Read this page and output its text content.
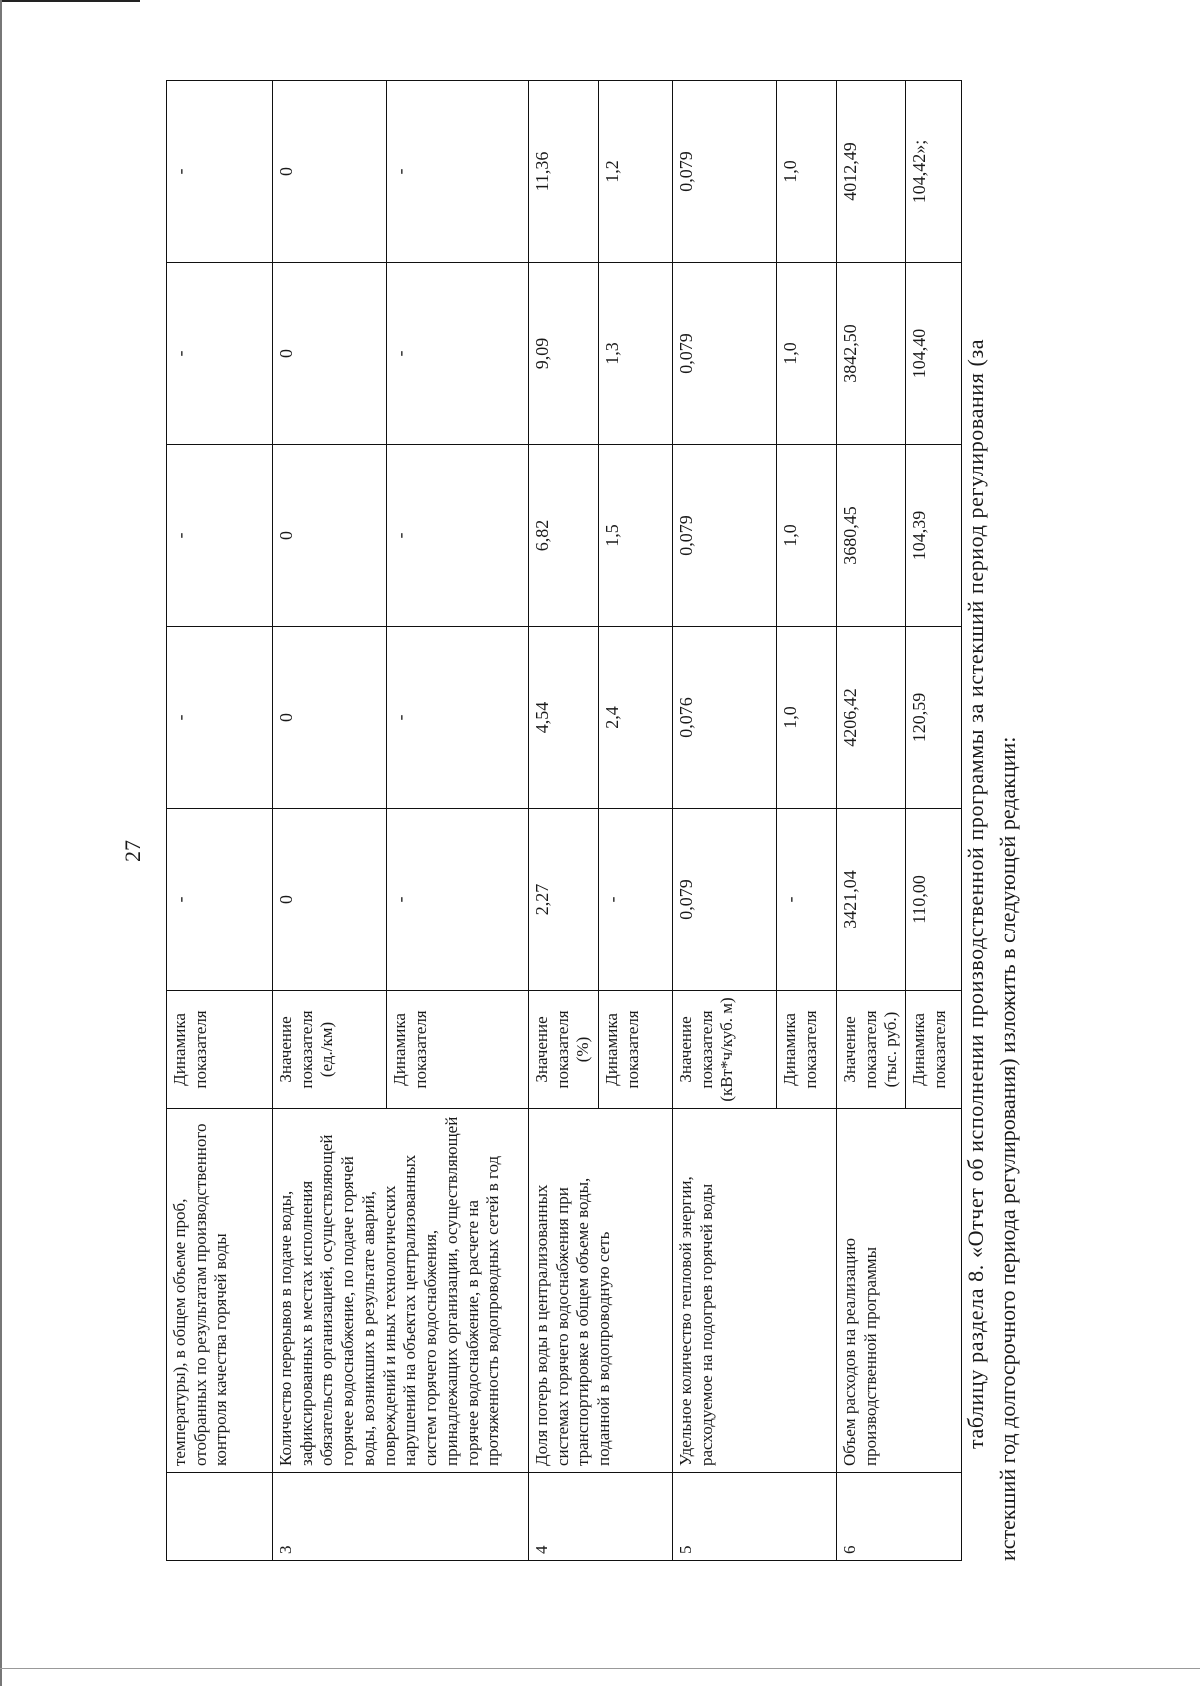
27
	температуры), в общем объеме проб, отобранных по результатам производственного контроля качества горячей воды	Динамика показателя	-	-	-	-	-
3	Количество перерывов в подаче воды, зафиксированных в местах исполнения обязательств организацией, осуществляющей горячее водоснабжение, по подаче горячей воды, возникших в результате аварий, повреждений и иных технологических нарушений на объектах централизованных систем горячего водоснабжения, принадлежащих организации, осуществляющей горячее водоснабжение, в расчете на протяженность водопроводных сетей в год	Значение показателя (ед./км)	0	0	0	0	0
		Динамика показателя	-	-	-	-	-
4	Доля потерь воды в централизованных системах горячего водоснабжения при транспортировке в общем объеме воды, поданной в водопроводную сеть	Значение показателя (%)	2,27	4,54	6,82	9,09	11,36
		Динамика показателя	-	2,4	1,5	1,3	1,2
5	Удельное количество тепловой энергии, расходуемое на подогрев горячей воды	Значение показателя (кВт*ч/куб. м)	0,079	0,076	0,079	0,079	0,079
		Динамика показателя	-	1,0	1,0	1,0	1,0
6	Объем расходов на реализацию производственной программы	Значение показателя (тыс. руб.)	3421,04	4206,42	3680,45	3842,50	4012,49
		Динамика показателя	110,00	120,59	104,39	104,40	104,42»;

таблицу раздела 8. «Отчет об исполнении производственной программы за истекший период регулирования (за истекший год долгосрочного периода регулирования) изложить в следующей редакции:
